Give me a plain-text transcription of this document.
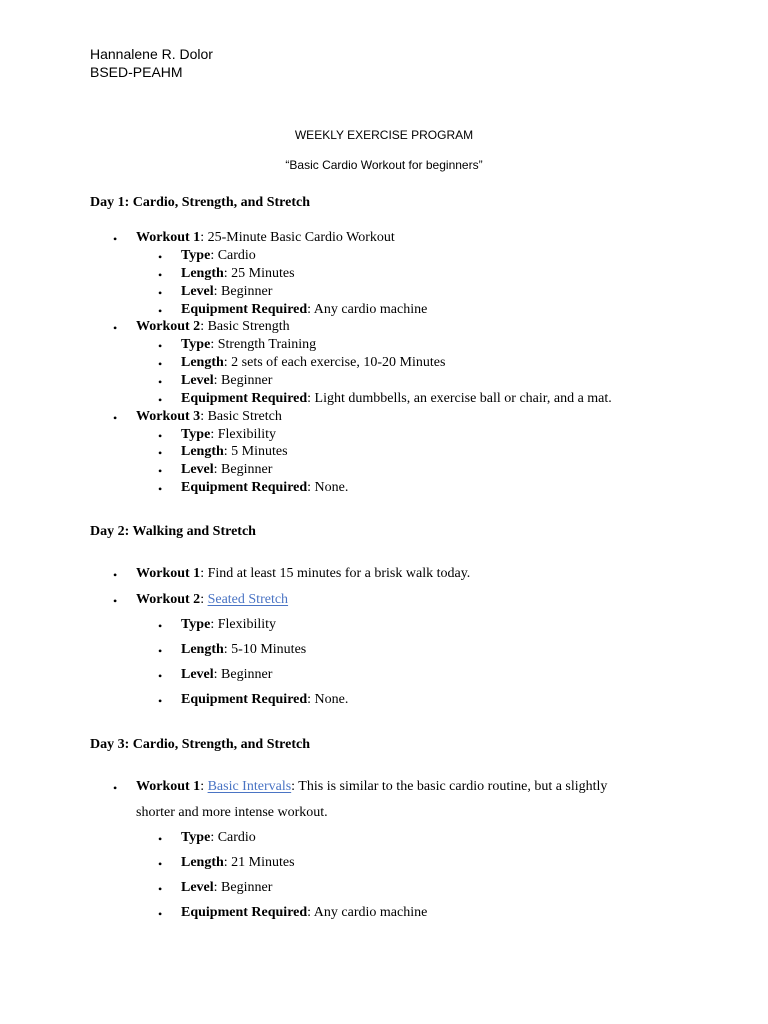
Hannalene R. Dolor
BSED-PEAHM
WEEKLY EXERCISE PROGRAM
“Basic Cardio Workout for beginners”
Day 1: Cardio, Strength, and Stretch
• Workout 1: 25-Minute Basic Cardio Workout
• Type: Cardio
• Length: 25 Minutes
• Level: Beginner
• Equipment Required: Any cardio machine
• Workout 2: Basic Strength
• Type: Strength Training
• Length: 2 sets of each exercise, 10-20 Minutes
• Level: Beginner
• Equipment Required: Light dumbbells, an exercise ball or chair, and a mat.
• Workout 3: Basic Stretch
• Type: Flexibility
• Length: 5 Minutes
• Level: Beginner
• Equipment Required: None.
Day 2: Walking and Stretch
• Workout 1: Find at least 15 minutes for a brisk walk today.
• Workout 2: Seated Stretch
• Type: Flexibility
• Length: 5-10 Minutes
• Level: Beginner
• Equipment Required: None.
Day 3: Cardio, Strength, and Stretch
• Workout 1: Basic Intervals: This is similar to the basic cardio routine, but a slightly
shorter and more intense workout.
• Type: Cardio
• Length: 21 Minutes
• Level: Beginner
• Equipment Required: Any cardio machine
